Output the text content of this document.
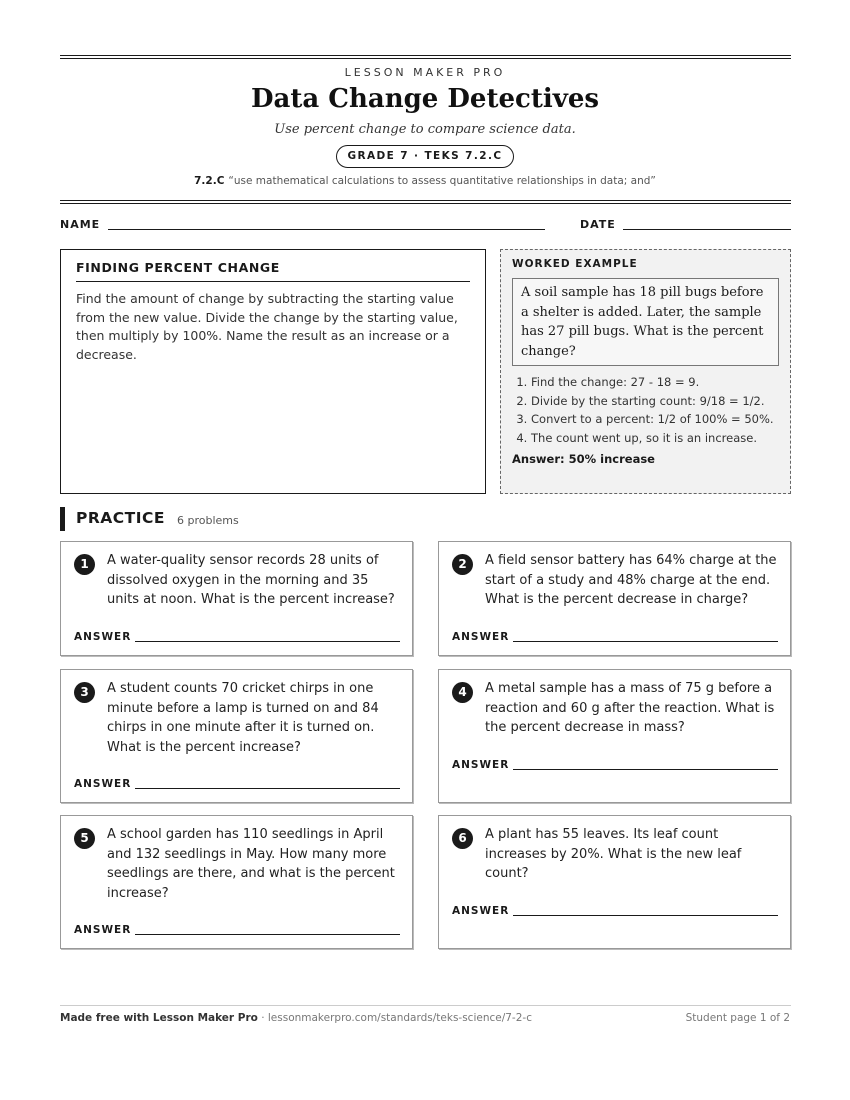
LESSON MAKER PRO
Data Change Detectives
Use percent change to compare science data.
GRADE 7 · TEKS 7.2.C
7.2.C “use mathematical calculations to assess quantitative relationships in data; and”
NAME	DATE
FINDING PERCENT CHANGE
Find the amount of change by subtracting the starting value from the new value. Divide the change by the starting value, then multiply by 100%. Name the result as an increase or a decrease.
WORKED EXAMPLE
A soil sample has 18 pill bugs before a shelter is added. Later, the sample has 27 pill bugs. What is the percent change?
1. Find the change: 27 - 18 = 9.
2. Divide by the starting count: 9/18 = 1/2.
3. Convert to a percent: 1/2 of 100% = 50%.
4. The count went up, so it is an increase.
Answer: 50% increase
PRACTICE 6 problems
1	A water-quality sensor records 28 units of dissolved oxygen in the morning and 35 units at noon. What is the percent increase?
ANSWER
2	A field sensor battery has 64% charge at the start of a study and 48% charge at the end. What is the percent decrease in charge?
ANSWER
3	A student counts 70 cricket chirps in one minute before a lamp is turned on and 84 chirps in one minute after it is turned on. What is the percent increase?
ANSWER
4	A metal sample has a mass of 75 g before a reaction and 60 g after the reaction. What is the percent decrease in mass?
ANSWER
5	A school garden has 110 seedlings in April and 132 seedlings in May. How many more seedlings are there, and what is the percent increase?
ANSWER
6	A plant has 55 leaves. Its leaf count increases by 20%. What is the new leaf count?
ANSWER
Made free with Lesson Maker Pro · lessonmakerpro.com/standards/teks-science/7-2-c	Student page 1 of 2
